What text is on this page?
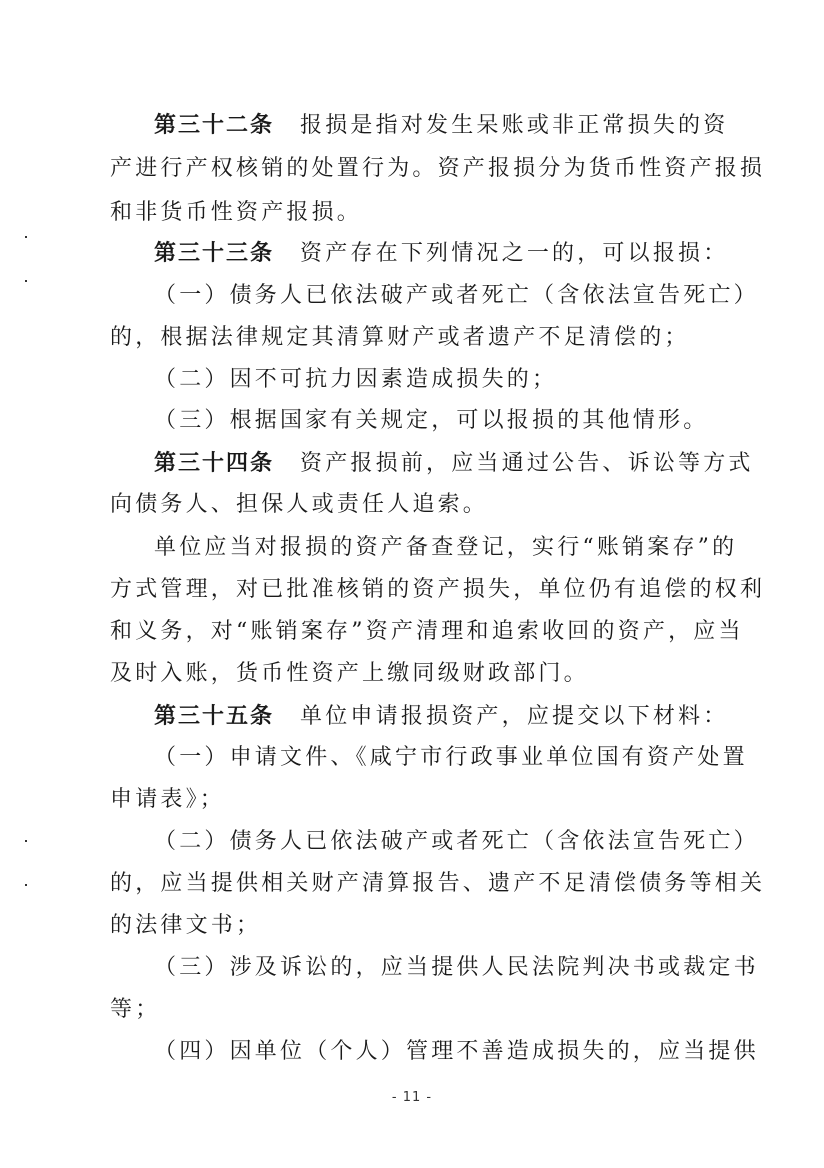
第三十二条 报损是指对发生呆账或非正常损失的资
产进行产权核销的处置行为。资产报损分为货币性资产报损
和非货币性资产报损。
第三十三条 资产存在下列情况之一的，可以报损：
（一）债务人已依法破产或者死亡（含依法宣告死亡）
的，根据法律规定其清算财产或者遗产不足清偿的；
（二）因不可抗力因素造成损失的；
（三）根据国家有关规定，可以报损的其他情形。
第三十四条 资产报损前，应当通过公告、诉讼等方式
向债务人、担保人或责任人追索。
单位应当对报损的资产备查登记，实行“账销案存”的
方式管理，对已批准核销的资产损失，单位仍有追偿的权利
和义务，对“账销案存”资产清理和追索收回的资产，应当
及时入账，货币性资产上缴同级财政部门。
第三十五条 单位申请报损资产，应提交以下材料：
（一）申请文件、《咸宁市行政事业单位国有资产处置
申请表》；
（二）债务人已依法破产或者死亡（含依法宣告死亡）
的，应当提供相关财产清算报告、遗产不足清偿债务等相关
的法律文书；
（三）涉及诉讼的，应当提供人民法院判决书或裁定书
等；
（四）因单位（个人）管理不善造成损失的，应当提供
- 11 -
